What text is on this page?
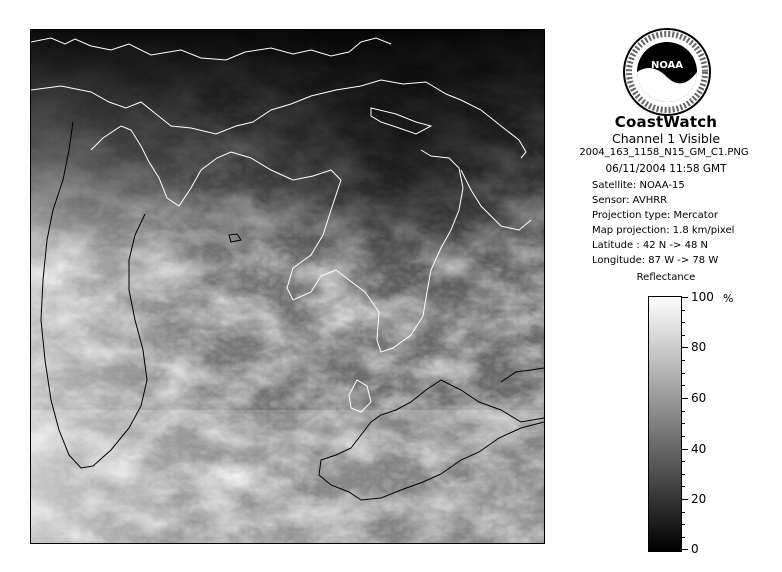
NOAA
CoastWatch
Channel 1 Visible
2004_163_1158_N15_GM_C1.PNG
06/11/2004 11:58 GMT
Satellite: NOAA-15
Sensor: AVHRR
Projection type: Mercator
Map projection: 1.8 km/pixel
Latitude : 42 N -> 48 N
Longitude: 87 W -> 78 W
Reflectance
100
80
60
40
20
0
%
